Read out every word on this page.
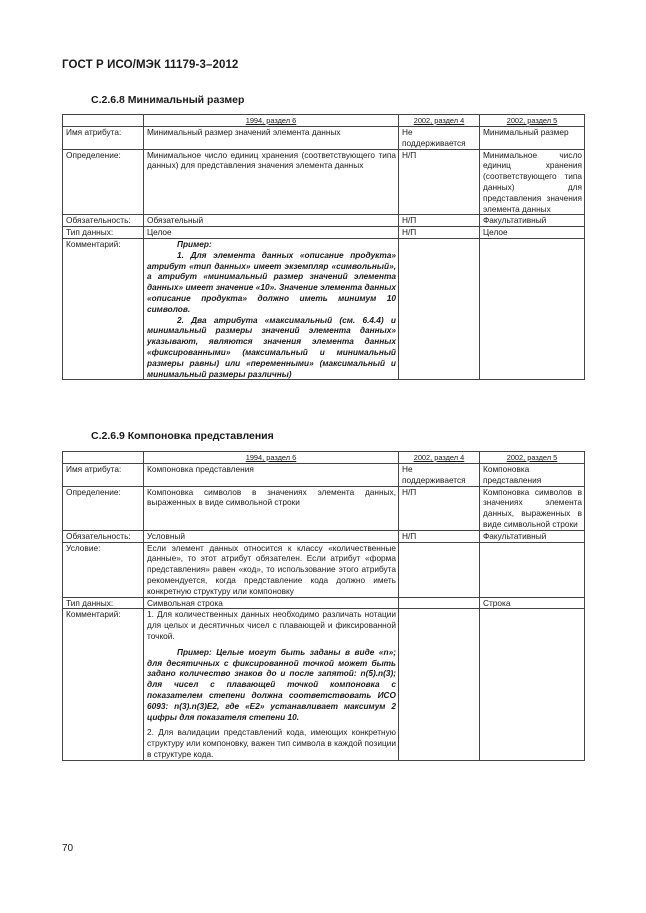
ГОСТ Р ИСО/МЭК 11179-3–2012
C.2.6.8 Минимальный размер
	1994, раздел 6	2002, раздел 4	2002, раздел 5
Имя атрибута:	Минимальный размер значений элемента данных	Не поддерживается	Минимальный размер
Определение:	Минимальное число единиц хранения (соответствующего типа данных) для представления значения элемента данных	Н/П	Минимальное число единиц хранения (соответствующего типа данных) для представления значения элемента данных
Обязательность:	Обязательный	Н/П	Факультативный
Тип данных:	Целое	Н/П	Целое
Комментарий:	Пример:

1. Для элемента данных «описание продукта» атрибут «тип данных» имеет экземпляр «символьный», а атрибут «минимальный размер значений элемента данных» имеет значение «10». Значение элемента данных «описание продукта» должно иметь минимум 10 символов.

2. Два атрибута «максимальный (см. 6.4.4) и минимальный размеры значений элемента данных» указывают, являются значения элемента данных «фиксированными» (максимальный и минимальный размеры равны) или «переменными» (максимальный и минимальный размеры различны)		

C.2.6.9 Компоновка представления
	1994, раздел 6	2002, раздел 4	2002, раздел 5
Имя атрибута:	Компоновка представления	Не поддерживается	Компоновка представления
Определение:	Компоновка символов в значениях элемента данных, выраженных в виде символьной строки	Н/П	Компоновка символов в значениях элемента данных, выраженных в виде символьной строки
Обязательность:	Условный	Н/П	Факультативный
Условие:	Если элемент данных относится к классу «количественные данные», то этот атрибут обязателен. Если атрибут «форма представления» равен «код», то использование этого атрибута рекомендуется, когда представление кода должно иметь конкретную структуру или компоновку		
Тип данных:	Символьная строка		Строка
Комментарий:	1. Для количественных данных необходимо различать нотации для целых и десятичных чисел с плавающей и фиксированной точкой.

Пример: Целые могут быть заданы в виде «n»; для десятичных с фиксированной точкой может быть задано количество знаков до и после запятой: n(5).n(3); для чисел с плавающей точкой компоновка с показателем степени должна соответствовать ИСО 6093: n(3).n(3)E2, где «E2» устанавливает максимум 2 цифры для показателя степени 10.

2. Для валидации представлений кода, имеющих конкретную структуру или компоновку, важен тип символа в каждой позиции в структуре кода.		

70
